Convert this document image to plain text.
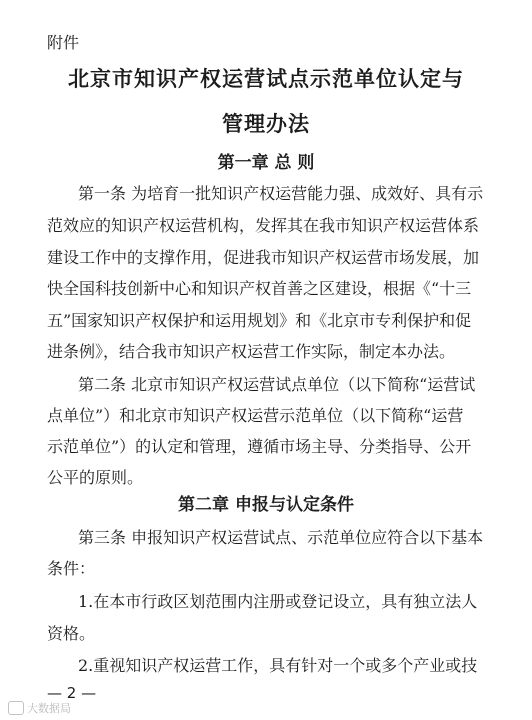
附件
北京市知识产权运营试点示范单位认定与
管理办法
第一章 总 则
第一条 为培育一批知识产权运营能力强、成效好、具有示
范效应的知识产权运营机构，发挥其在我市知识产权运营体系
建设工作中的支撑作用，促进我市知识产权运营市场发展，加
快全国科技创新中心和知识产权首善之区建设，根据《“十三
五”国家知识产权保护和运用规划》和《北京市专利保护和促
进条例》，结合我市知识产权运营工作实际，制定本办法。
第二条 北京市知识产权运营试点单位（以下简称“运营试
点单位”）和北京市知识产权运营示范单位（以下简称“运营
示范单位”）的认定和管理，遵循市场主导、分类指导、公开
公平的原则。
第二章 申报与认定条件
第三条 申报知识产权运营试点、示范单位应符合以下基本
条件：
1.在本市行政区划范围内注册或登记设立，具有独立法人
资格。
2.重视知识产权运营工作，具有针对一个或多个产业或技
— 2 —
大数据局
